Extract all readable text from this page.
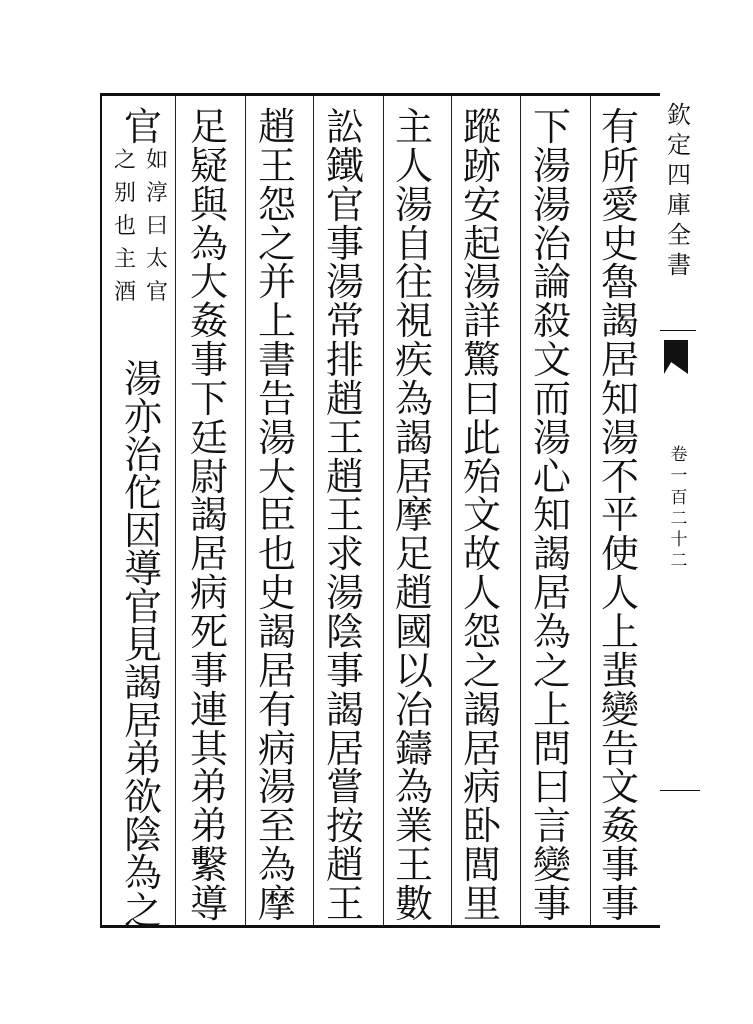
有
所
愛
史
魯
謁
居
知
湯
不
平
使
人
上
蜚
變
告
文
姦
事
事
下
湯
湯
治
論
殺
文
而
湯
心
知
謁
居
為
之
上
問
曰
言
變
事
蹤
跡
安
起
湯
詳
驚
曰
此
殆
文
故
人
怨
之
謁
居
病
卧
閭
里
主
人
湯
自
往
視
疾
為
謁
居
摩
足
趙
國
以
冶
鑄
為
業
王
數
訟
鐵
官
事
湯
常
排
趙
王
趙
王
求
湯
陰
事
謁
居
嘗
按
趙
王
趙
王
怨
之
并
上
書
告
湯
大
臣
也
史
謁
居
有
病
湯
至
為
摩
足
疑
與
為
大
姦
事
下
廷
尉
謁
居
病
死
事
連
其
弟
弟
繫
導
官
如
淳
曰
太
官
之
别
也
主
酒
湯
亦
治
佗
因
導
官
見
謁
居
弟
欲
陰
為
之
欽
定
四
庫
全
書
卷
一
百
二
十
二
